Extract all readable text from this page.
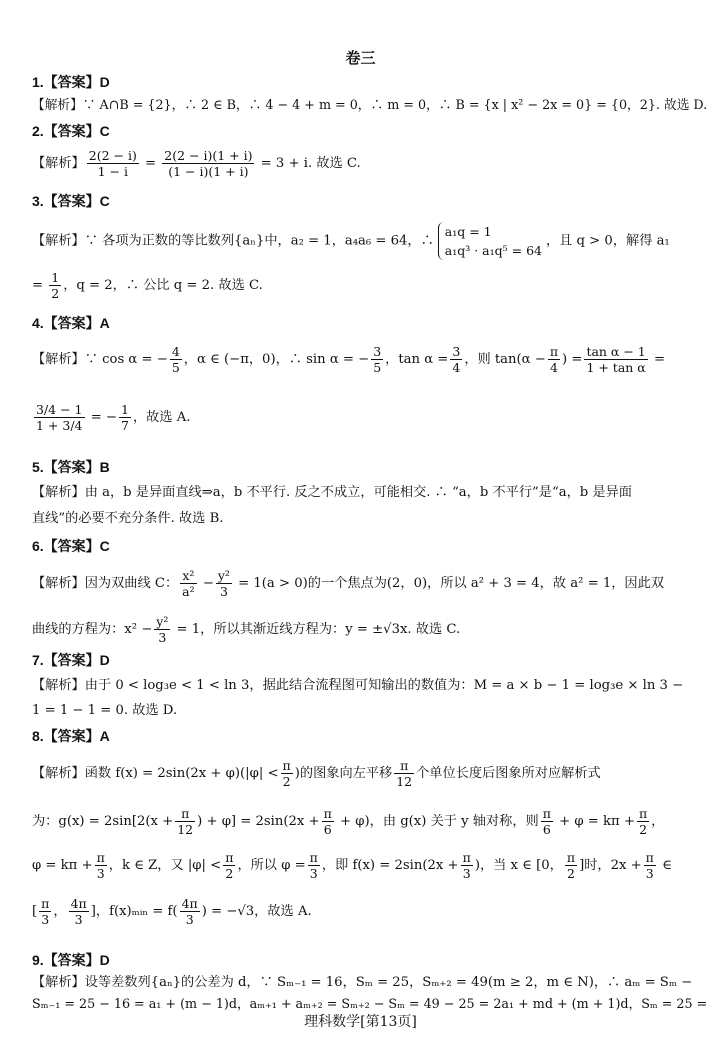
卷三
1.【答案】D
【解析】∵ A∩B = {2}，∴ 2 ∈ B，∴ 4 − 4 + m = 0，∴ m = 0，∴ B = {x | x² − 2x = 0} = {0，2}. 故选 D.
2.【答案】C
【解析】 $\frac{2(2 - i)}{1 - i} = \frac{2(2 - i)(1 + i)}{(1 - i)(1 + i)} = 3 + i$. 故选 C.
3.【答案】C
【解析】∵ 各项为正数的等比数列{aₙ}中，a₂ = 1，a₄a₆ = 64，∴
a₁q = 1
a₁q³ · a₁q⁵ = 64
，且 q > 0，解得 a₁
= $\frac{1}{2}$ ，q = 2，∴ 公比 q = 2. 故选 C.
4.【答案】A
【解析】∵ cos α = − $\frac{4}{5}$ ，α ∈ (−π，0)，∴ sin α = − $\frac{3}{5}$ ，$\tan \alpha = \frac{3}{4}$ ，则 $\tan(\alpha - \frac{\pi}{4}$ ) = $\frac{\text{tan α − 1}}{\text{1 + tan α}}$ =
$\frac{3/4 - 1}{1 + 3/4}$ = − $\frac{1}{7}$ ，故选 A.
5.【答案】B
【解析】由 a，b 是异面直线⇒a，b 不平行. 反之不成立，可能相交. ∴ “a，b 不平行”是“a，b 是异面
直线”的必要不充分条件. 故选 B.
6.【答案】C
【解析】因为双曲线 C： $\frac{\text{x²}}{\text{a²}} - \frac{\text{y²}}{3} = 1(a > 0)$的一个焦点为(2，0)，所以 a² + 3 = 4，故 a² = 1，因此双
曲线的方程为：$x^2 - \frac{\text{y²}}{3} = 1$，所以其渐近线方程为：y = ±√3x. 故选 C.
7.【答案】D
【解析】由于 0 < log₃e < 1 < ln 3，据此结合流程图可知输出的数值为：M = a × b − 1 = log₃e × ln 3 −
1 = 1 − 1 = 0. 故选 D.
8.【答案】A
【解析】函数 $f(x) = 2\sin(2x + \varphi)(|\varphi| < \frac{\pi}{2}$ )的图象向左平移 $\frac{\pi}{12}$ 个单位长度后图象所对应解析式
为：$g(x) = 2\sin[2(x + \frac{\pi}{12}$ ) + $\varphi] = 2\sin(2x + \frac{\pi}{6} + \varphi)$，由 g(x) 关于 y 轴对称，则 $\frac{\pi}{6} + \varphi = k\pi + \frac{\pi}{2}$ ，
$\varphi = k\pi + \frac{\pi}{3}$ ，k ∈ Z，又 $|\varphi| < \frac{\pi}{2}$ ，所以 $\varphi = \frac{\pi}{3}$ ，即 $f(x) = 2\sin(2x + \frac{\pi}{3}$ )，当 x ∈ [0， $\frac{\pi}{2}$ ]时，$2x + \frac{\pi}{3}$ ∈
[ $\frac{\pi}{3}$ ， $\frac{4\pi}{3}$ ]，f(x)ₘᵢₙ = $f( \frac{4\pi}{3}$ ) = −√3，故选 A.
9.【答案】D
【解析】设等差数列{aₙ}的公差为 d，∵ Sₘ₋₁ = 16，Sₘ = 25，Sₘ₊₂ = 49(m ≥ 2，m ∈ N)，∴ aₘ = Sₘ −
Sₘ₋₁ = 25 − 16 = a₁ + (m − 1)d，aₘ₊₁ + aₘ₊₂ = Sₘ₊₂ − Sₘ = 49 − 25 = 2a₁ + md + (m + 1)d，Sₘ = 25 =
理科数学[第13页]
